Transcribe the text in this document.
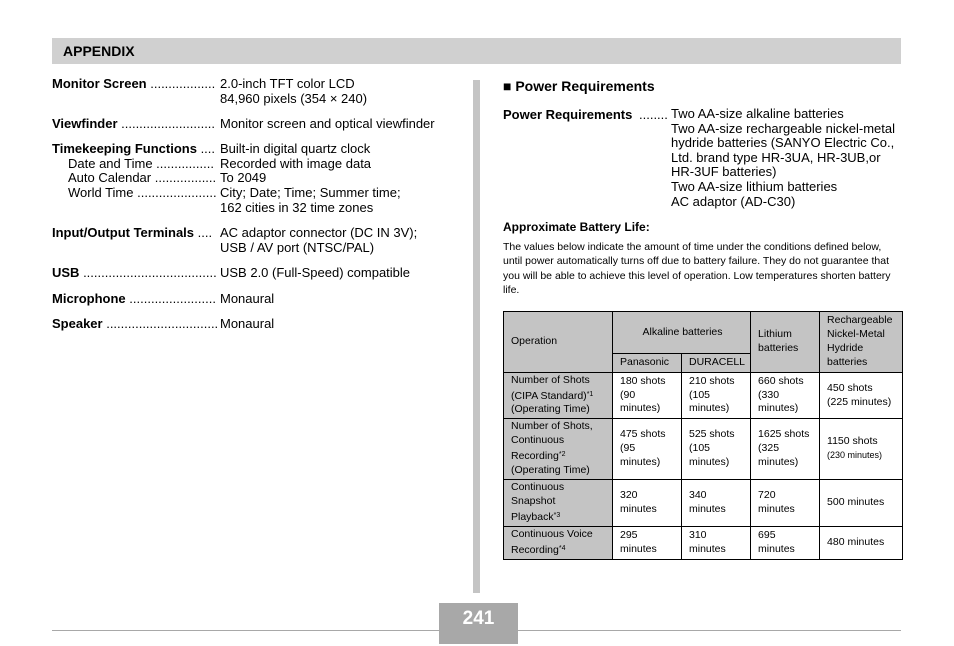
APPENDIX
Monitor Screen .................. 2.0-inch TFT color LCD
84,960 pixels (354 × 240)
Viewfinder .......................... Monitor screen and optical viewfinder
Timekeeping Functions .... Built-in digital quartz clock
Date and Time ................ Recorded with image data
Auto Calendar ................. To 2049
World Time ...................... City; Date; Time; Summer time;
162 cities in 32 time zones
Input/Output Terminals .... AC adaptor connector (DC IN 3V);
USB / AV port (NTSC/PAL)
USB ..................................... USB 2.0 (Full-Speed) compatible
Microphone ........................ Monaural
Speaker ............................... Monaural
■ Power Requirements
Power Requirements ........ Two AA-size alkaline batteries
Two AA-size rechargeable nickel-metal
hydride batteries (SANYO Electric Co.,
Ltd. brand type HR-3UA, HR-3UB,or
HR-3UF batteries)
Two AA-size lithium batteries
AC adaptor (AD-C30)
Approximate Battery Life:
The values below indicate the amount of time under the conditions defined below, until power automatically turns off due to battery failure. They do not guarantee that you will be able to achieve this level of operation. Low temperatures shorten battery life.
Operation	Alkaline batteries		Lithium batteries	Rechargeable Nickel-Metal Hydride batteries
	Panasonic	DURACELL		
Number of Shots (CIPA Standard)$^{*1}$ (Operating Time)	180 shots (90 minutes)	210 shots (105 minutes)	660 shots (330 minutes)	450 shots
(225 minutes)
Number of Shots, Continuous Recording$^{*2}$ (Operating Time)	475 shots (95 minutes)	525 shots (105 minutes)	1625 shots (325 minutes)	1150 shots
(230 minutes)
Continuous Snapshot Playback$^{*3}$	320 minutes	340 minutes	720 minutes	500 minutes
Continuous Voice Recording$^{*4}$	295 minutes	310 minutes	695 minutes	480 minutes
241
